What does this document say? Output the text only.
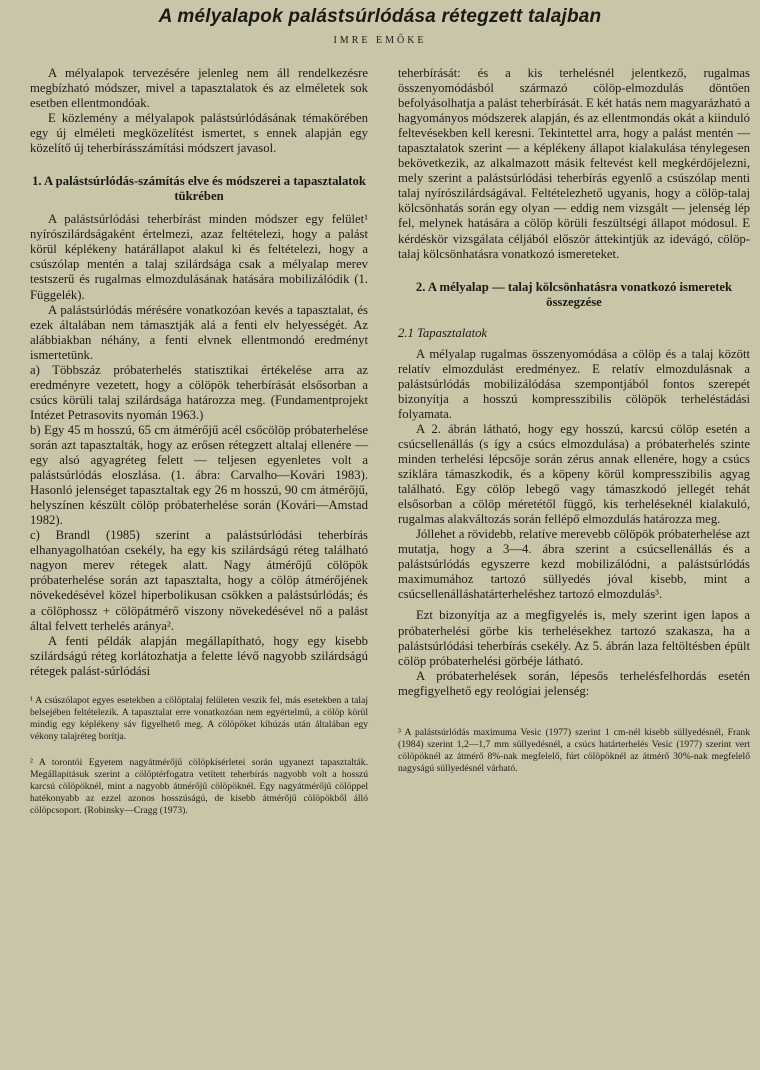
A mélyalapok palástsúrlódása rétegzett talajban
IMRE EMŐKE

A mélyalapok tervezésére jelenleg nem áll rendelkezésre megbízható módszer, mivel a tapasztalatok és az elméletek sok esetben ellentmondóak.

E közlemény a mélyalapok palástsúrlódásának témakörében egy új elméleti megközelítést ismertet, s ennek alapján egy közelítő új teherbírásszámítási módszert javasol.

1. A palástsúrlódás-számítás elve és módszerei a tapasztalatok tükrében

A palástsúrlódási teherbírást minden módszer egy felület¹ nyírószilárdságaként értelmezi, azaz feltételezi, hogy a palást körül képlékeny határállapot alakul ki és feltételezi, hogy a csúszólap mentén a talaj szilárdsága csak a mélyalap merev testszerű és rugalmas elmozdulásának hatására mobilizálódik (1. Függelék).

A palástsúrlódás mérésére vonatkozóan kevés a tapasztalat, és ezek általában nem támasztják alá a fenti elv helyességét. Az alábbiakban néhány, a fenti elvnek ellentmondó eredményt ismertetünk.

a) Többszáz próbaterhelés statisztikai értékelése arra az eredményre vezetett, hogy a cölöpök teherbírását elsősorban a csúcs körüli talaj szilárdsága határozza meg. (Fundamentprojekt Intézet Petrasovits nyomán 1963.)

b) Egy 45 m hosszú, 65 cm átmérőjű acél csőcölöp próbaterhelése során azt tapasztalták, hogy az erősen rétegzett altalaj ellenére — egy alsó agyagréteg felett — teljesen egyenletes volt a palástsúrlódás eloszlása. (1. ábra: Carvalho—Kovári 1983). Hasonló jelenséget tapasztaltak egy 26 m hosszú, 90 cm átmérőjű, helyszínen készült cölöp próbaterhelése során (Kovári—Amstad 1982).

c) Brandl (1985) szerint a palástsúrlódási teherbírás elhanyagolhatóan csekély, ha egy kis szilárdságú réteg található nagyon merev rétegek alatt. Nagy átmérőjű cölöpök próbaterhelése során azt tapasztalta, hogy a cölöp átmérőjének növekedésével közel hiperbolikusan csökken a palástsúrlódás; és a cölöphossz + cölöpátmérő viszony növekedésével nő a palást által felvett terhelés aránya².

A fenti példák alapján megállapítható, hogy egy kisebb szilárdságú réteg korlátozhatja a felette lévő nagyobb szilárdságú rétegek palást-súrlódási

¹ A csúszólapot egyes esetekben a cölöptalaj felületen veszik fel, más esetekben a talaj belsejében feltételezik. A tapasztalat erre vonatkozóan nem egyértelmű, a cölöp körül mindig egy képlékeny sáv figyelhető meg. A cölöpöket kihúzás után általában egy vékony talajréteg borítja.

² A torontói Egyetem nagyátmérőjű cölöpkísérletei során ugyanezt tapasztalták. Megállapításuk szerint a cölöptérfogatra vetített teherbírás nagyobb volt a hosszú karcsú cölöpöknél, mint a nagyobb átmérőjű cölöpöknél. Egy nagyátmérőjű cölöppel hatékonyabb az ezzel azonos hosszúságú, de kisebb átmérőjű cölöpökből álló cölöpcsoport. (Robinsky—Cragg (1973).

teherbírását: és a kis terhelésnél jelentkező, rugalmas összenyomódásból származó cölöp-elmozdulás döntően befolyásolhatja a palást teherbírását. E két hatás nem magyarázható a hagyományos módszerek alapján, és az ellentmondás okát a kiinduló feltevésekben kell keresni. Tekintettel arra, hogy a palást mentén — tapasztalatok szerint — a képlékeny állapot kialakulása ténylegesen bekövetkezik, az alkalmazott másik feltevést kell megkérdőjelezni, mely szerint a palástsúrlódási teherbírás egyenlő a csúszólap menti talaj nyírószilárdságával. Feltételezhető ugyanis, hogy a cölöp-talaj kölcsönhatás során egy olyan — eddig nem vizsgált — jelenség lép fel, melynek hatására a cölöp körüli feszültségi állapot módosul. E kérdéskör vizsgálata céljából először áttekintjük az idevágó, cölöp-talaj kölcsönhatásra vonatkozó ismereteket.

2. A mélyalap — talaj kölcsönhatásra vonatkozó ismeretek összegzése
2.1 Tapasztalatok

A mélyalap rugalmas összenyomódása a cölöp és a talaj között relatív elmozdulást eredményez. E relatív elmozdulásnak a palástsúrlódás mobilizálódása szempontjából fontos szerepét bizonyítja a hosszú kompresszibilis cölöpök terheléstádási folyamata.

A 2. ábrán látható, hogy egy hosszú, karcsú cölöp esetén a csúcsellenállás (s így a csúcs elmozdulása) a próbaterhelés szinte minden terhelési lépcsője során zérus annak ellenére, hogy a csúcs sziklára támaszkodik, és a köpeny körül kompresszibilis agyag található. Egy cölöp lebegő vagy támaszkodó jellegét tehát elsősorban a cölöp méretétől függő, kis terheléseknél kialakuló, rugalmas alakváltozás során fellépő elmozdulás határozza meg.

Jóllehet a rövidebb, relatíve merevebb cölöpök próbaterhelése azt mutatja, hogy a 3—4. ábra szerint a csúcsellenállás és a palástsúrlódás egyszerre kezd mobilizálódni, a palástsúrlódás maximumához tartozó süllyedés jóval kisebb, mint a csúcsellenálláshatárterheléshez tartozó elmozdulás³.

Ezt bizonyítja az a megfigyelés is, mely szerint igen lapos a próbaterhelési görbe kis terhelésekhez tartozó szakasza, ha a palástsúrlódási teherbírás csekély. Az 5. ábrán laza feltöltésben épült cölöp próbaterhelési görbéje látható.

A próbaterhelések során, lépesős terhelésfelhordás esetén megfigyelhető egy reológiai jelenség:

³ A palástsúrlódás maximuma Vesic (1977) szerint 1 cm-nél kisebb süllyedésnél, Frank (1984) szerint 1,2—1,7 mm süllyedésnél, a csúcs határterhelés Vesic (1977) szerint vert cölöpöknél az átmérő 8%-nak megfelelő, fúrt cölöpöknél az átmérő 30%-nak megfelelő nagyságú süllyedésnél várható.
